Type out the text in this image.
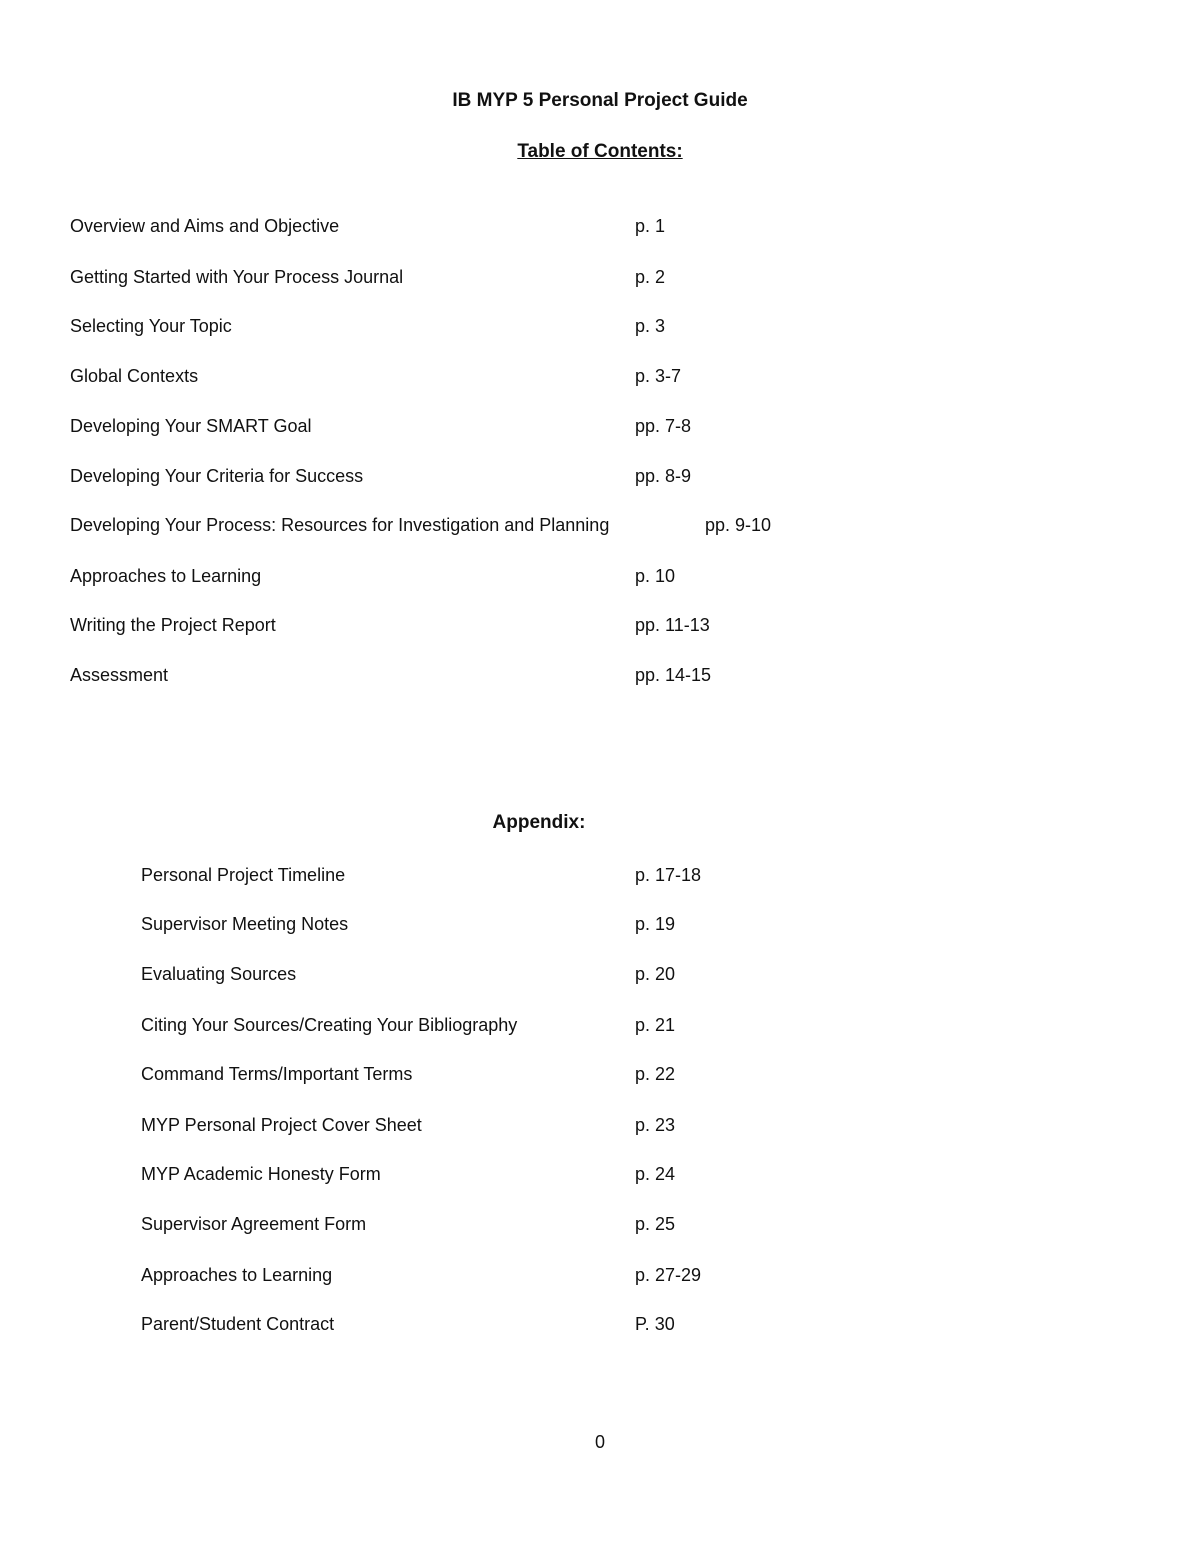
IB MYP 5 Personal Project Guide
Table of Contents:
Overview and Aims and Objective	p. 1
Getting Started with Your Process Journal	p. 2
Selecting Your Topic	p. 3
Global Contexts	p. 3-7
Developing Your SMART Goal	pp. 7-8
Developing Your Criteria for Success	pp. 8-9
Developing Your Process: Resources for Investigation and Planning	pp. 9-10
Approaches to Learning	p. 10
Writing the Project Report	pp. 11-13
Assessment	pp. 14-15
Appendix:
Personal Project Timeline	p. 17-18
Supervisor Meeting Notes	p. 19
Evaluating Sources	p. 20
Citing Your Sources/Creating Your Bibliography	p. 21
Command Terms/Important Terms	p. 22
MYP Personal Project Cover Sheet	p. 23
MYP Academic Honesty Form	p. 24
Supervisor Agreement Form	p. 25
Approaches to Learning	p. 27-29
Parent/Student Contract	P. 30
0
